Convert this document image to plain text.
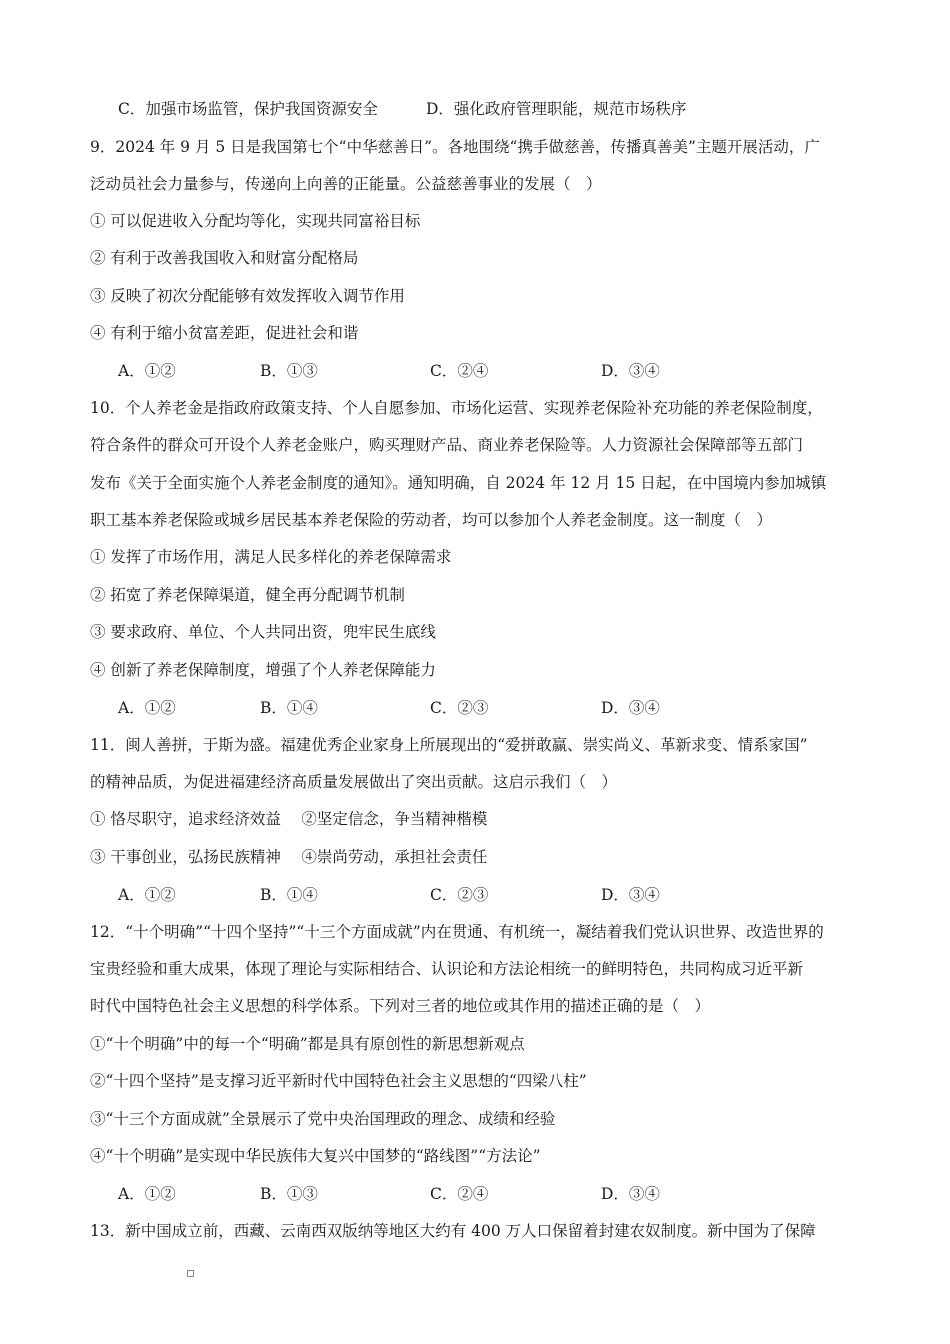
C．加强市场监管，保护我国资源安全	D．强化政府管理职能，规范市场秩序
9．2024 年 9 月 5 日是我国第七个“中华慈善日”。各地围绕“携手做慈善，传播真善美”主题开展活动，广
泛动员社会力量参与，传递向上向善的正能量。公益慈善事业的发展（　）
① 可以促进收入分配均等化，实现共同富裕目标
② 有利于改善我国收入和财富分配格局
③ 反映了初次分配能够有效发挥收入调节作用
④ 有利于缩小贫富差距，促进社会和谐
A．①②	B．①③	C．②④	D．③④
10．个人养老金是指政府政策支持、个人自愿参加、市场化运营、实现养老保险补充功能的养老保险制度，
符合条件的群众可开设个人养老金账户，购买理财产品、商业养老保险等。人力资源社会保障部等五部门
发布《关于全面实施个人养老金制度的通知》。通知明确，自 2024 年 12 月 15 日起，在中国境内参加城镇
职工基本养老保险或城乡居民基本养老保险的劳动者，均可以参加个人养老金制度。这一制度（　）
① 发挥了市场作用，满足人民多样化的养老保障需求
② 拓宽了养老保障渠道，健全再分配调节机制
③ 要求政府、单位、个人共同出资，兜牢民生底线
④ 创新了养老保障制度，增强了个人养老保障能力
A．①②	B．①④	C．②③	D．③④
11．闽人善拼，于斯为盛。福建优秀企业家身上所展现出的“爱拼敢赢、崇实尚义、革新求变、情系家国”
的精神品质，为促进福建经济高质量发展做出了突出贡献。这启示我们（　）
① 恪尽职守，追求经济效益　 ②坚定信念，争当精神楷模
③ 干事创业，弘扬民族精神　 ④崇尚劳动，承担社会责任
A．①②	B．①④	C．②③	D．③④
12．“十个明确”“十四个坚持”“十三个方面成就”内在贯通、有机统一，凝结着我们党认识世界、改造世界的
宝贵经验和重大成果，体现了理论与实际相结合、认识论和方法论相统一的鲜明特色，共同构成习近平新
时代中国特色社会主义思想的科学体系。下列对三者的地位或其作用的描述正确的是（　）
①“十个明确”中的每一个“明确”都是具有原创性的新思想新观点
②“十四个坚持”是支撑习近平新时代中国特色社会主义思想的“四梁八柱”
③“十三个方面成就”全景展示了党中央治国理政的理念、成绩和经验
④“十个明确”是实现中华民族伟大复兴中国梦的“路线图”“方法论”
A．①②	B．①③	C．②④	D．③④
13．新中国成立前，西藏、云南西双版纳等地区大约有 400 万人口保留着封建农奴制度。新中国为了保障
